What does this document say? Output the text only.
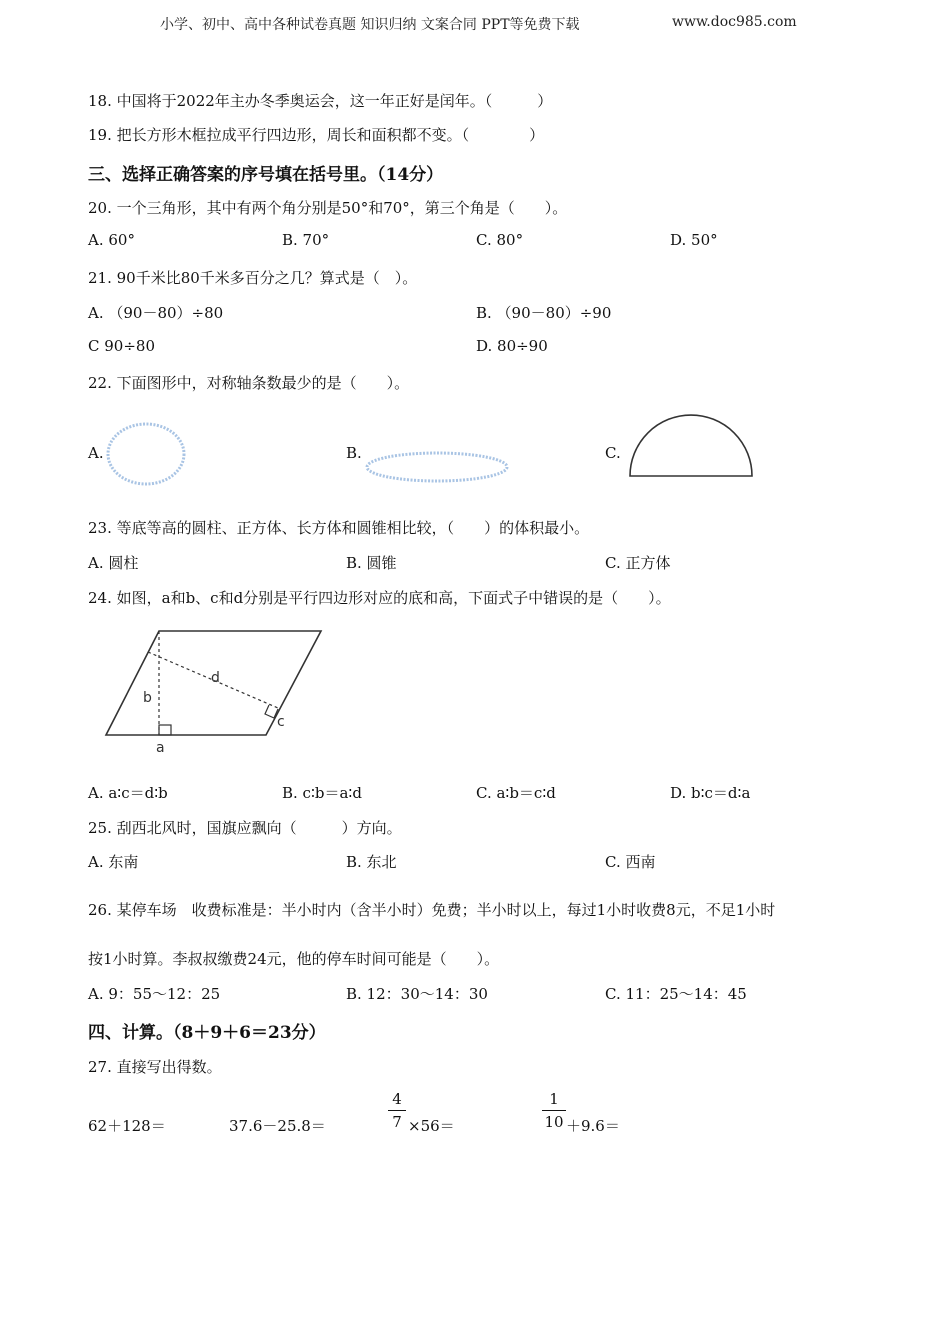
小学、初中、高中各种试卷真题 知识归纳 文案合同 PPT等免费下载	www.doc985.com
18. 中国将于2022年主办冬季奥运会，这一年正好是闰年。（　　　）
19. 把长方形木框拉成平行四边形，周长和面积都不变。（　　　　）
三、选择正确答案的序号填在括号里。（14分）
20. 一个三角形，其中有两个角分别是50°和70°，第三个角是（　　）。
A. 60°	B. 70°	C. 80°	D. 50°
21. 90千米比80千米多百分之几？算式是（　）。
A. （90－80）÷80	B. （90－80）÷90
C 90÷80	D. 80÷90
22. 下面图形中，对称轴条数最少的是（　　）。
A.	B.	C.
23. 等底等高的圆柱、正方体、长方体和圆锥相比较，（　　）的体积最小。
A. 圆柱	B. 圆锥	C. 正方体
24. 如图，a和b、c和d分别是平行四边形对应的底和高，下面式子中错误的是（　　）。
b
d
c
a
A. a∶c＝d∶b	B. c∶b＝a∶d	C. a∶b＝c∶d	D. b∶c＝d∶a
25. 刮西北风时，国旗应飘向（　　　）方向。
A. 东南	B. 东北	C. 西南
26. 某停车场　收费标准是：半小时内（含半小时）免费；半小时以上，每过1小时收费8元，不足1小时
按1小时算。李叔叔缴费24元，他的停车时间可能是（　　）。
A. 9：55～12：25	B. 12：30～14：30	C. 11：25～14：45
四、计算。（8＋9＋6＝23分）
27. 直接写出得数。
62＋128＝	37.6－25.8＝
4
7 ×56＝
1
10 ＋9.6＝
